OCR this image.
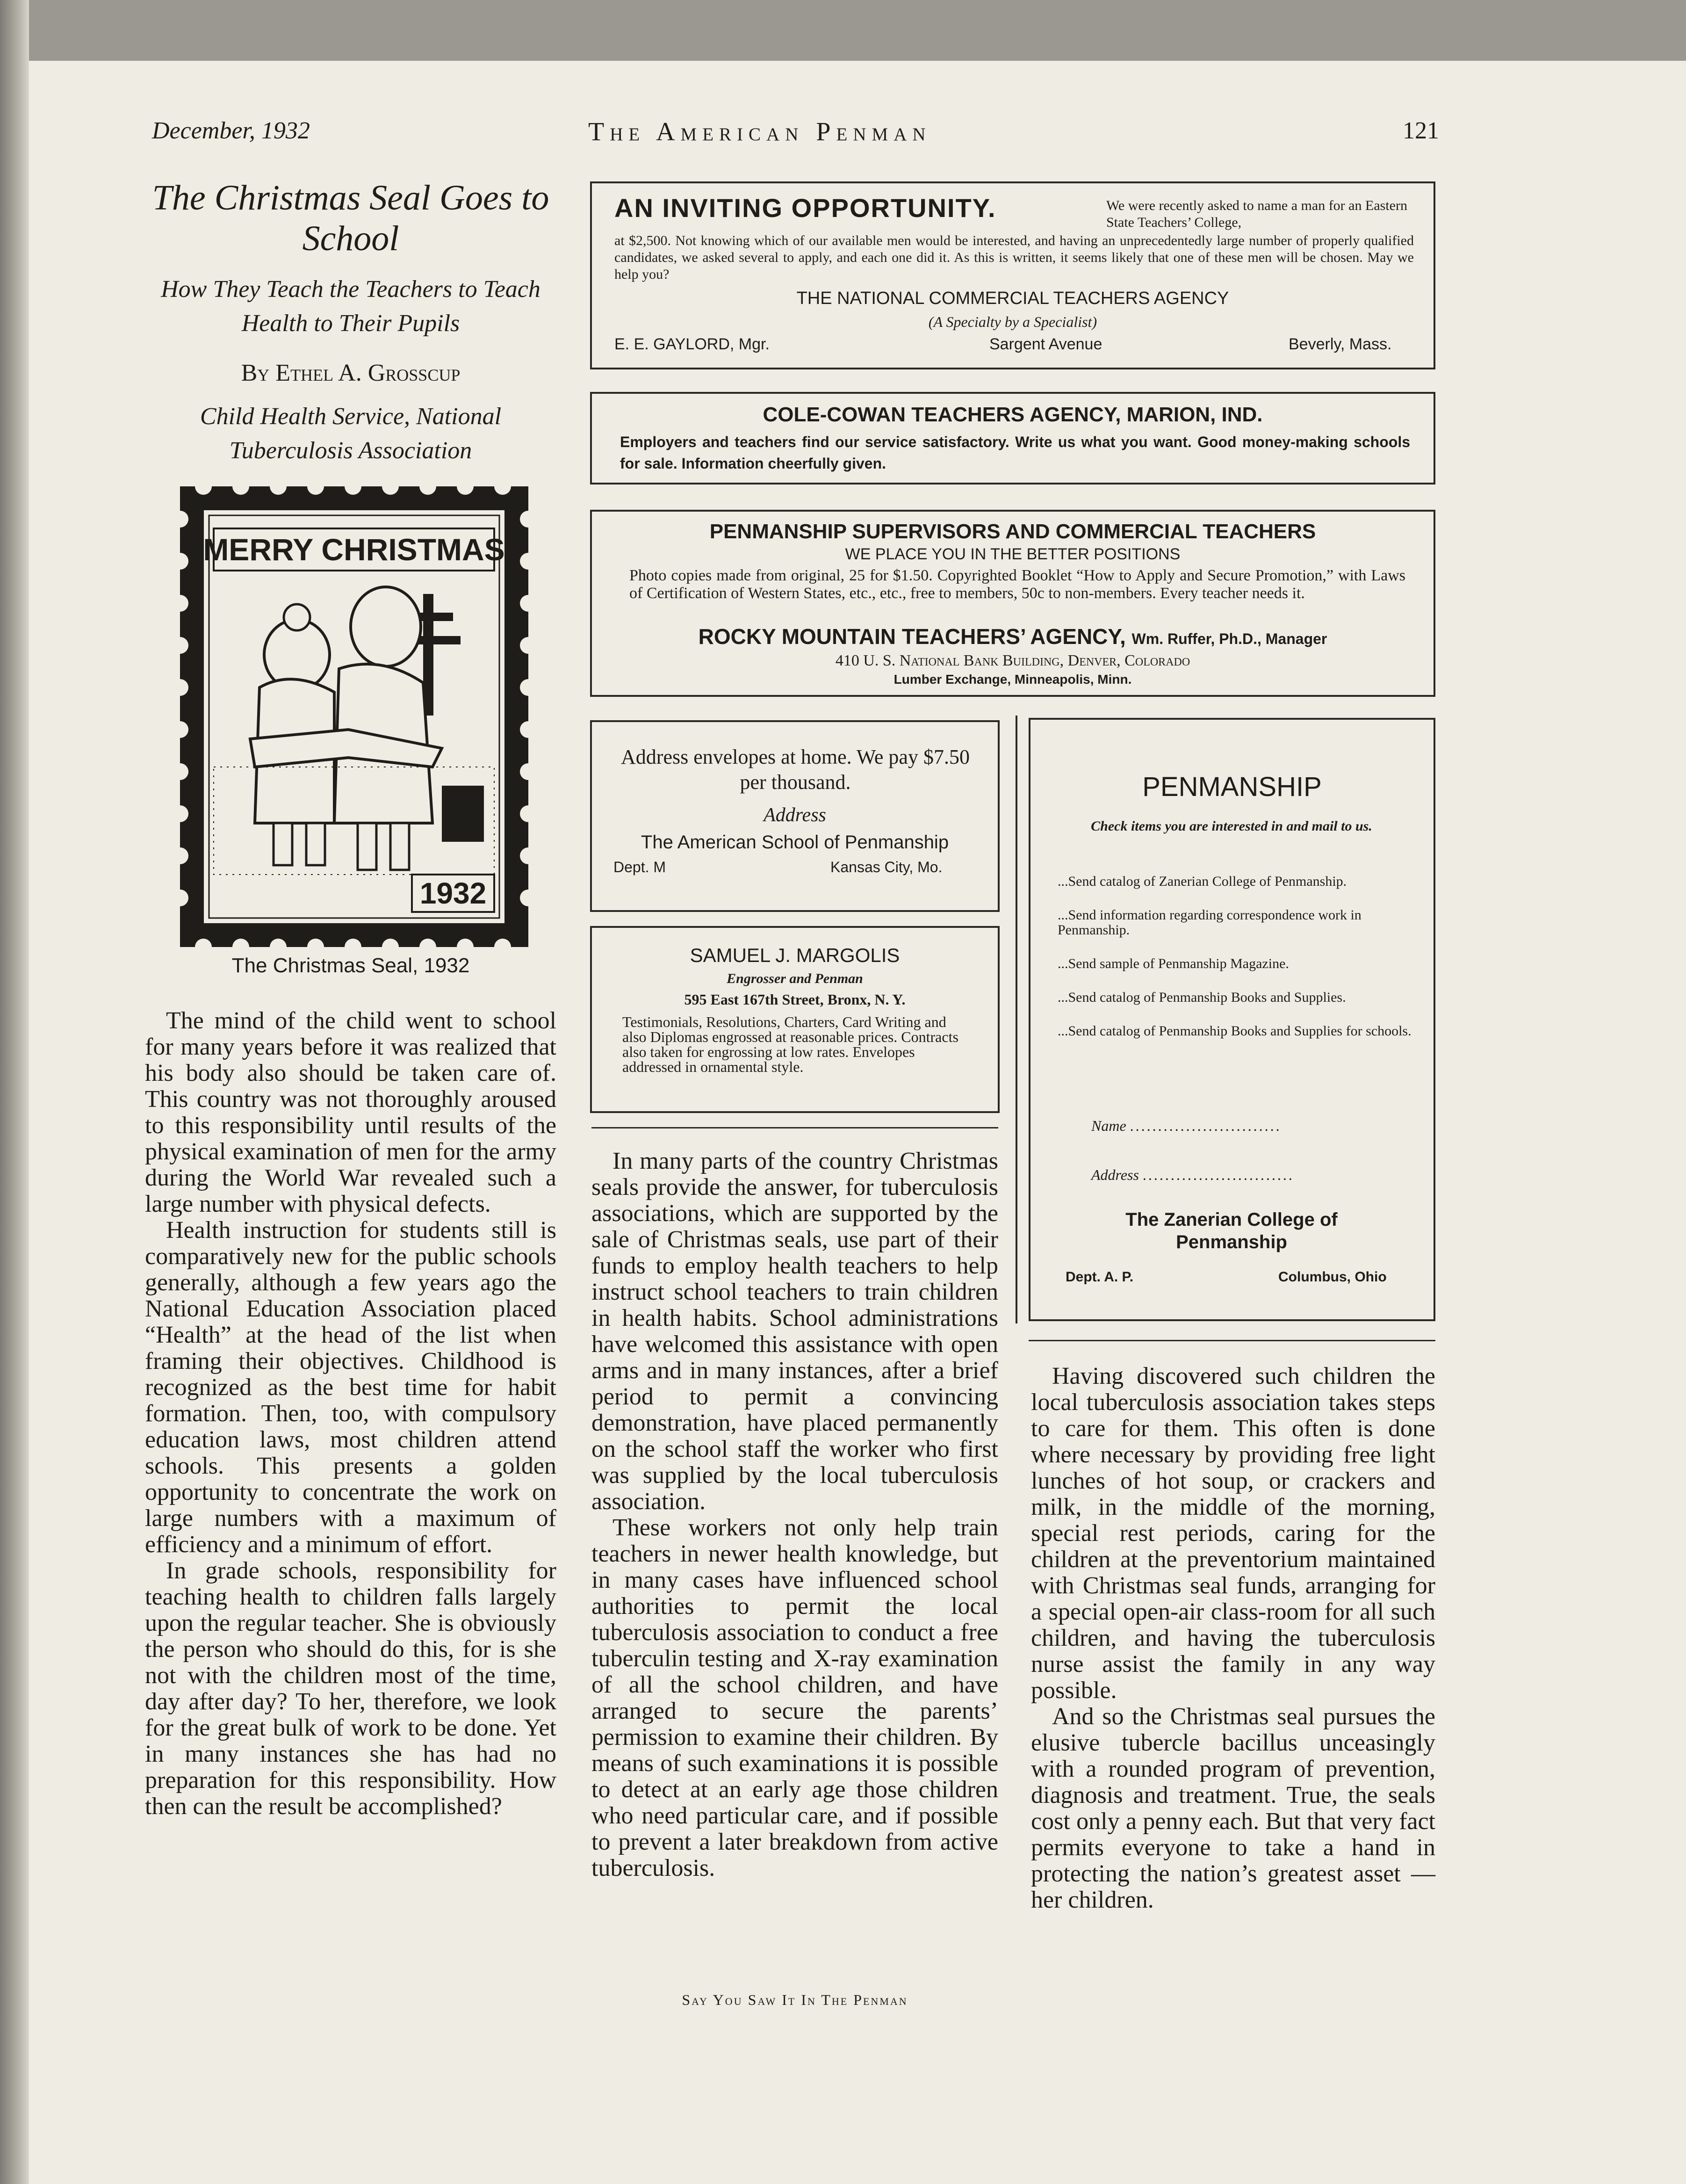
December, 1932	The American Penman	121
The Christmas Seal Goes to School
How They Teach the Teachers to Teach Health to Their Pupils
By Ethel A. Grosscup
Child Health Service, National Tuberculosis Association
MERRY CHRISTMAS
1932
The Christmas Seal, 1932

The mind of the child went to school for many years before it was realized that his body also should be taken care of. This country was not thoroughly aroused to this responsibility until results of the physical examination of men for the army during the World War revealed such a large number with physical defects.

Health instruction for students still is comparatively new for the public schools generally, although a few years ago the National Education Association placed “Health” at the head of the list when framing their objectives. Childhood is recognized as the best time for habit formation. Then, too, with compulsory education laws, most children attend schools. This presents a golden opportunity to concentrate the work on large numbers with a maximum of efficiency and a minimum of effort.

In grade schools, responsibility for teaching health to children falls largely upon the regular teacher. She is obviously the person who should do this, for is she not with the children most of the time, day after day? To her, therefore, we look for the great bulk of work to be done. Yet in many instances she has had no preparation for this responsibility. How then can the result be accomplished?

AN INVITING OPPORTUNITY.	We were recently asked to name a man for an Eastern State Teachers’ College,
at $2,500. Not knowing which of our available men would be interested, and having an unprecedentedly large number of properly qualified candidates, we asked several to apply, and each one did it. As this is written, it seems likely that one of these men will be chosen. May we help you?
THE NATIONAL COMMERCIAL TEACHERS AGENCY
(A Specialty by a Specialist)
E. E. GAYLORD, Mgr.	Sargent Avenue	Beverly, Mass.
COLE-COWAN TEACHERS AGENCY, MARION, IND.
Employers and teachers find our service satisfactory. Write us what you want. Good money-making schools for sale. Information cheerfully given.
PENMANSHIP SUPERVISORS AND COMMERCIAL TEACHERS
WE PLACE YOU IN THE BETTER POSITIONS
Photo copies made from original, 25 for $1.50. Copyrighted Booklet “How to Apply and Secure Promotion,” with Laws of Certification of Western States, etc., etc., free to members, 50c to non-members. Every teacher needs it.
ROCKY MOUNTAIN TEACHERS’ AGENCY, Wm. Ruffer, Ph.D., Manager
410 U. S. National Bank Building, Denver, Colorado
Lumber Exchange, Minneapolis, Minn.
Address envelopes at home. We pay $7.50 per thousand.
Address
The American School of Penmanship
Dept. M	Kansas City, Mo.
SAMUEL J. MARGOLIS
Engrosser and Penman
595 East 167th Street, Bronx, N. Y.
Testimonials, Resolutions, Charters, Card Writing and also Diplomas engrossed at reasonable prices. Contracts also taken for engrossing at low rates. Envelopes addressed in ornamental style.
PENMANSHIP
Check items you are interested in and mail to us.
...Send catalog of Zanerian College of Penmanship.
...Send information regarding correspondence work in Penmanship.
...Send sample of Penmanship Magazine.
...Send catalog of Penmanship Books and Supplies.
...Send catalog of Penmanship Books and Supplies for schools.
Name ...........................
Address ...........................
The Zanerian College of Penmanship
Dept. A. P.	Columbus, Ohio

In many parts of the country Christmas seals provide the answer, for tuberculosis associations, which are supported by the sale of Christmas seals, use part of their funds to employ health teachers to help instruct school teachers to train children in health habits. School administrations have welcomed this assistance with open arms and in many instances, after a brief period to permit a convincing demonstration, have placed permanently on the school staff the worker who first was supplied by the local tuberculosis association.

These workers not only help train teachers in newer health knowledge, but in many cases have influenced school authorities to permit the local tuberculosis association to conduct a free tuberculin testing and X-ray examination of all the school children, and have arranged to secure the parents’ permission to examine their children. By means of such examinations it is possible to detect at an early age those children who need particular care, and if possible to prevent a later breakdown from active tuberculosis.

Having discovered such children the local tuberculosis association takes steps to care for them. This often is done where necessary by providing free light lunches of hot soup, or crackers and milk, in the middle of the morning, special rest periods, caring for the children at the preventorium maintained with Christmas seal funds, arranging for a special open-air class-room for all such children, and having the tuberculosis nurse assist the family in any way possible.

And so the Christmas seal pursues the elusive tubercle bacillus unceasingly with a rounded program of prevention, diagnosis and treatment. True, the seals cost only a penny each. But that very fact permits everyone to take a hand in protecting the nation’s greatest asset — her children.

Say You Saw It In The Penman
